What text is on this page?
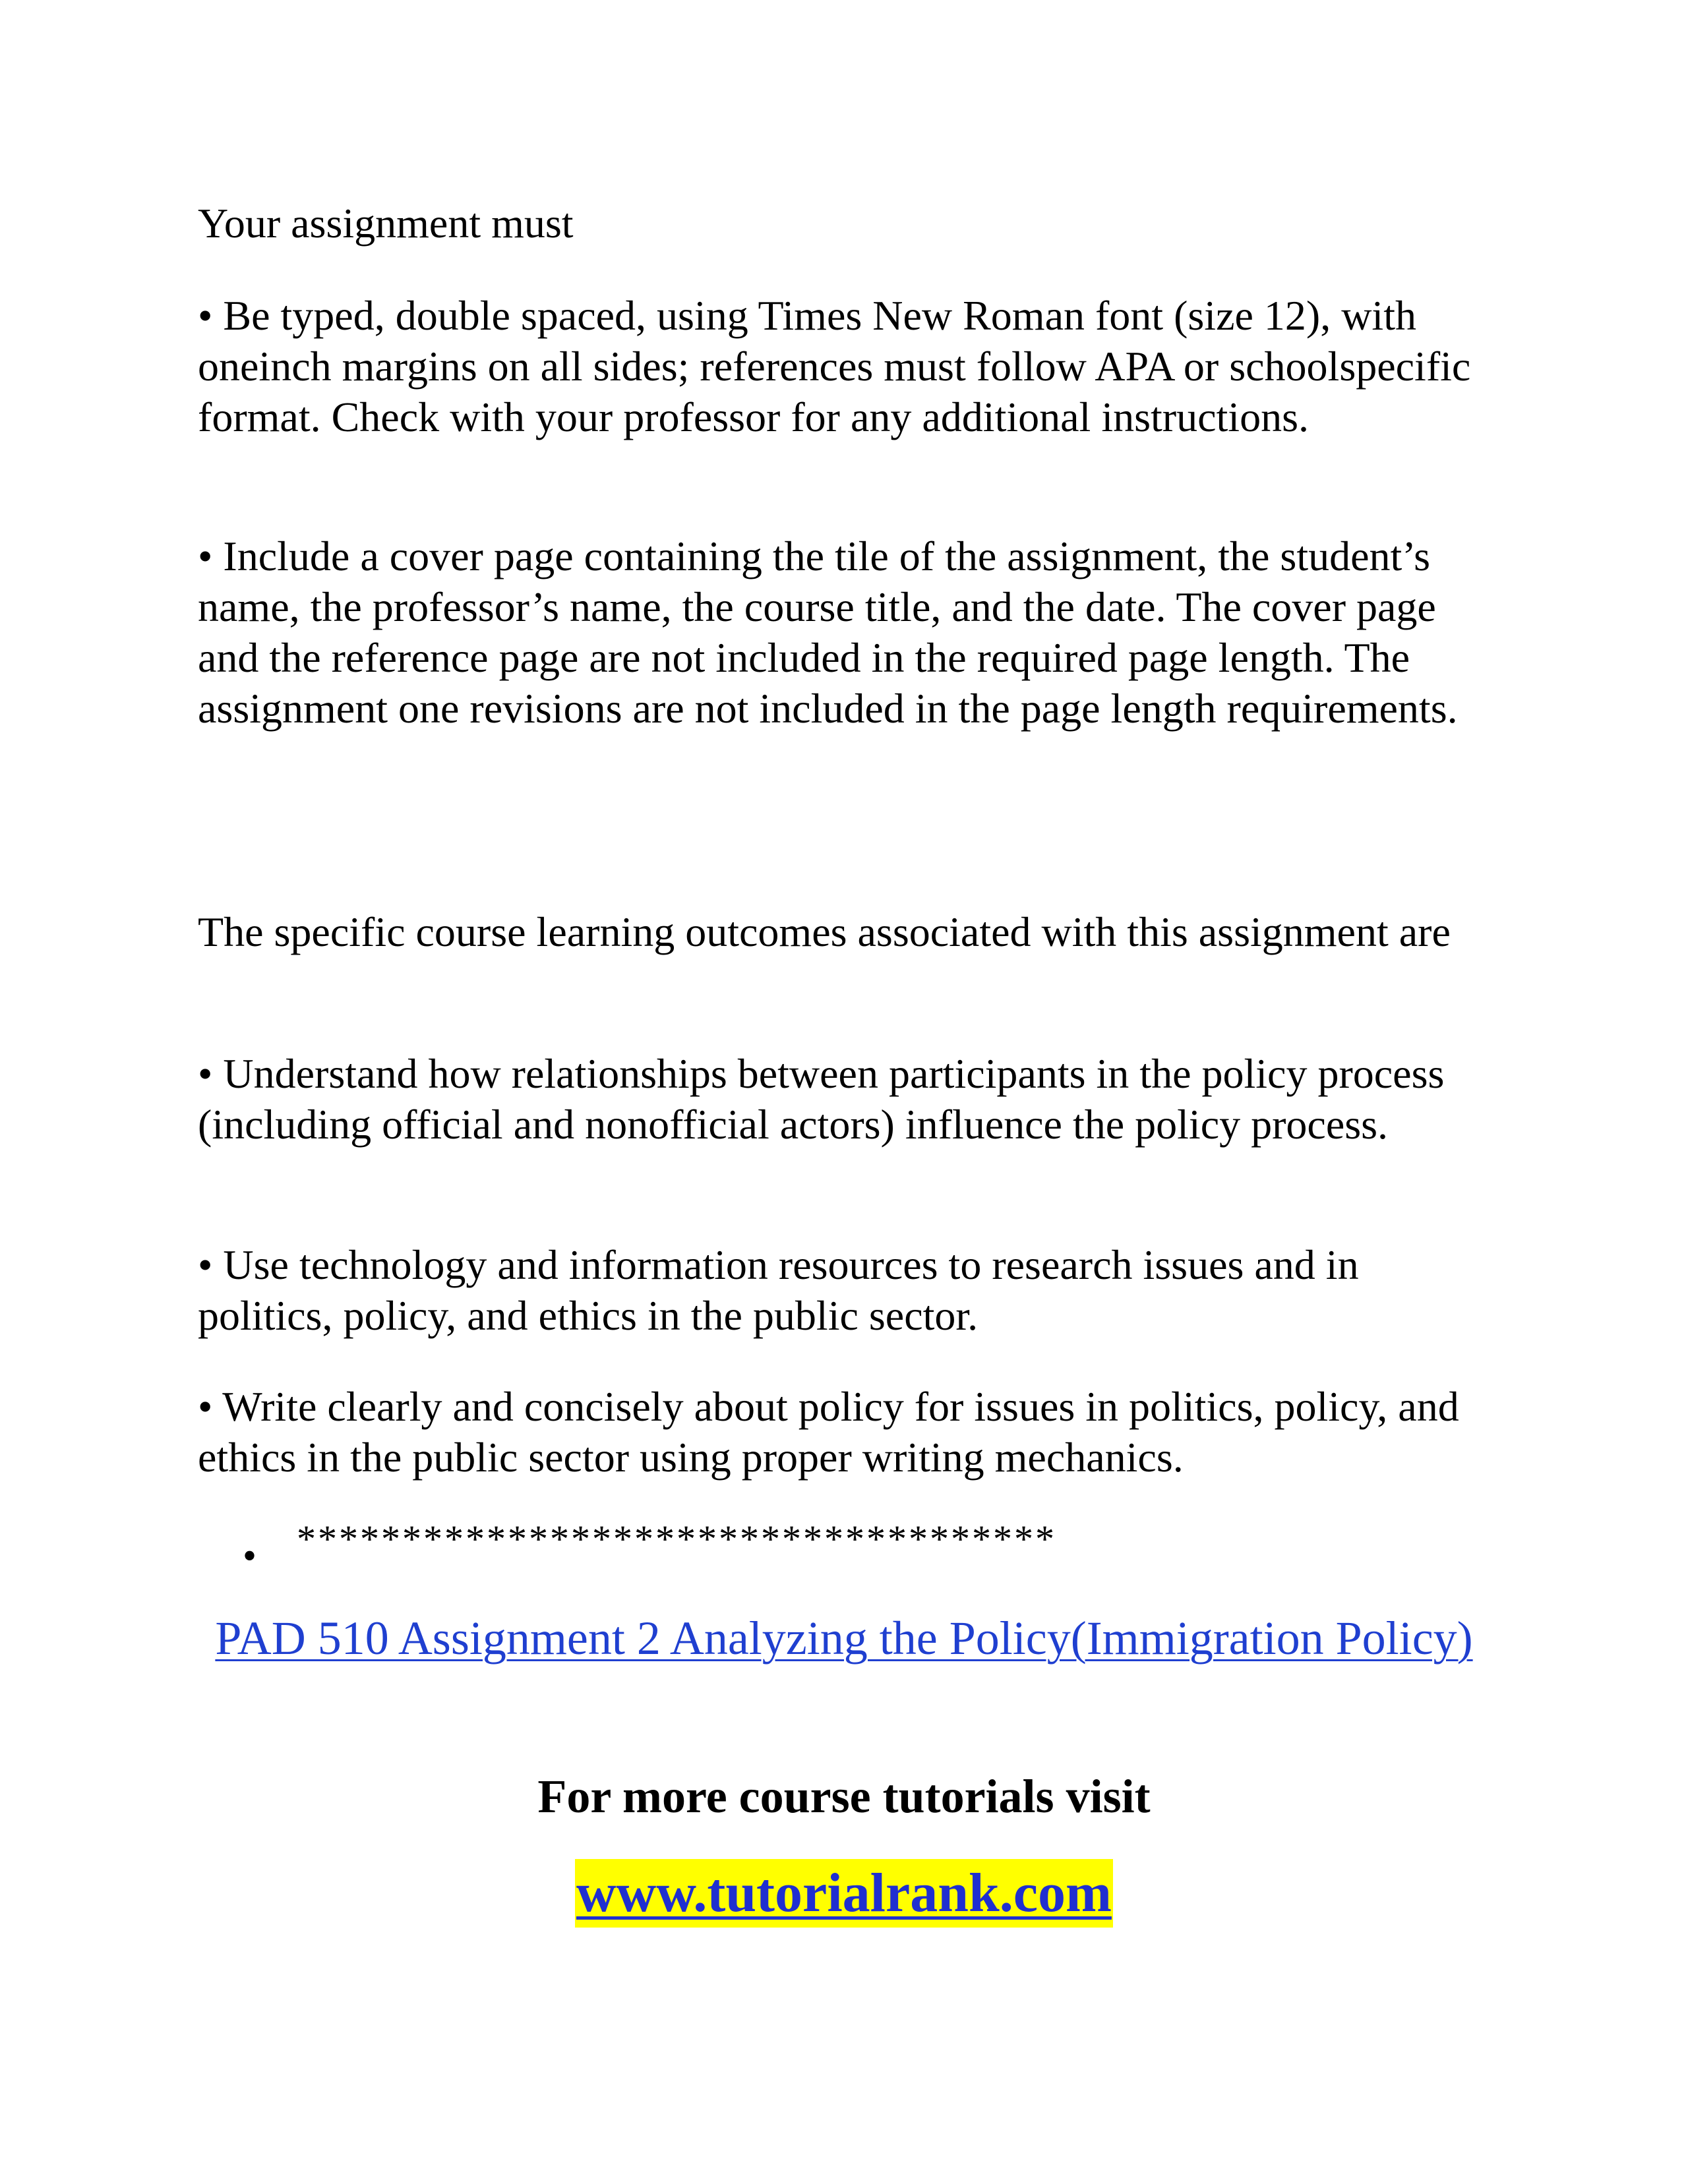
Your assignment must

• Be typed, double spaced, using Times New Roman font (size 12), with oneinch margins on all sides; references must follow APA or schoolspecific format. Check with your professor for any additional instructions.

• Include a cover page containing the tile of the assignment, the student’s name, the professor’s name, the course title, and the date. The cover page and the reference page are not included in the required page length. The assignment one revisions are not included in the page length requirements.

The specific course learning outcomes associated with this assignment are

• Understand how relationships between participants in the policy process (including official and nonofficial actors) influence the policy process.

• Use technology and information resources to research issues and in politics, policy, and ethics in the public sector.

• Write clearly and concisely about policy for issues in politics, policy, and ethics in the public sector using proper writing mechanics.

• ************************************
PAD 510 Assignment 2 Analyzing the Policy(Immigration Policy)
For more course tutorials visit
www.tutorialrank.com
